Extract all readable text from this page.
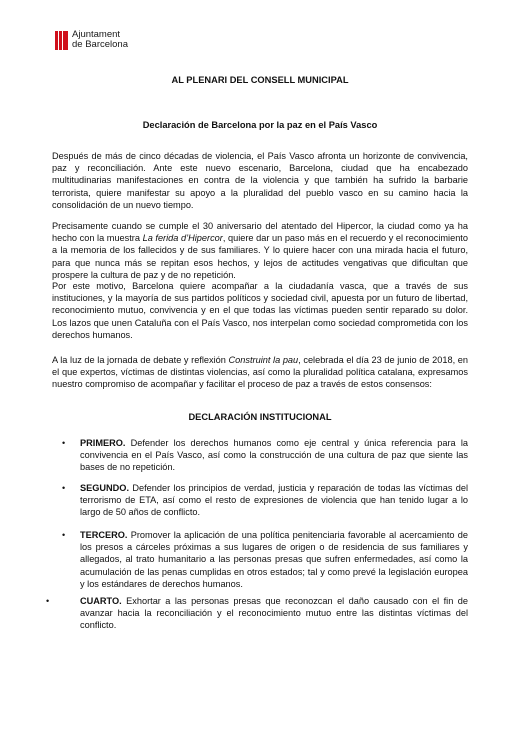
Ajuntament
de Barcelona
AL PLENARI DEL CONSELL MUNICIPAL
Declaración de Barcelona por la paz en el País Vasco

Después de más de cinco décadas de violencia, el País Vasco afronta un horizonte de convivencia, paz y reconciliación. Ante este nuevo escenario, Barcelona, ciudad que ha encabezado multitudinarias manifestaciones en contra de la violencia y que también ha sufrido la barbarie terrorista, quiere manifestar su apoyo a la pluralidad del pueblo vasco en su camino hacia la consolidación de un nuevo tiempo.

Precisamente cuando se cumple el 30 aniversario del atentado del Hipercor, la ciudad como ya ha hecho con la muestra La ferida d’Hipercor, quiere dar un paso más en el recuerdo y el reconocimiento a la memoria de los fallecidos y de sus familiares. Y lo quiere hacer con una mirada hacia el futuro, para que nunca más se repitan esos hechos, y lejos de actitudes vengativas que dificultan que prospere la cultura de paz y de no repetición.

Por este motivo, Barcelona quiere acompañar a la ciudadanía vasca, que a través de sus instituciones, y la mayoría de sus partidos políticos y sociedad civil, apuesta por un futuro de libertad, reconocimiento mutuo, convivencia y en el que todas las víctimas pueden sentir reparado su dolor. Los lazos que unen Cataluña con el País Vasco, nos interpelan como sociedad comprometida con los derechos humanos.

A la luz de la jornada de debate y reflexión Construint la pau, celebrada el día 23 de junio de 2018, en el que expertos, víctimas de distintas violencias, así como la pluralidad política catalana, expresamos nuestro compromiso de acompañar y facilitar el proceso de paz a través de estos consensos:

DECLARACIÓN INSTITUCIONAL
• PRIMERO. Defender los derechos humanos como eje central y única referencia para la convivencia en el País Vasco, así como la construcción de una cultura de paz que siente las bases de no repetición.

• SEGUNDO. Defender los principios de verdad, justicia y reparación de todas las víctimas del terrorismo de ETA, así como el resto de expresiones de violencia que han tenido lugar a lo largo de 50 años de conflicto.

• TERCERO. Promover la aplicación de una política penitenciaria favorable al acercamiento de los presos a cárceles próximas a sus lugares de origen o de residencia de sus familiares y allegados, al trato humanitario a las personas presas que sufren enfermedades, así como la acumulación de las penas cumplidas en otros estados; tal y como prevé la legislación europea y los estándares de derechos humanos.

•	CUARTO. Exhortar a las personas presas que reconozcan el daño causado con el fin de avanzar hacia la reconciliación y el reconocimiento mutuo entre las distintas víctimas del conflicto.
